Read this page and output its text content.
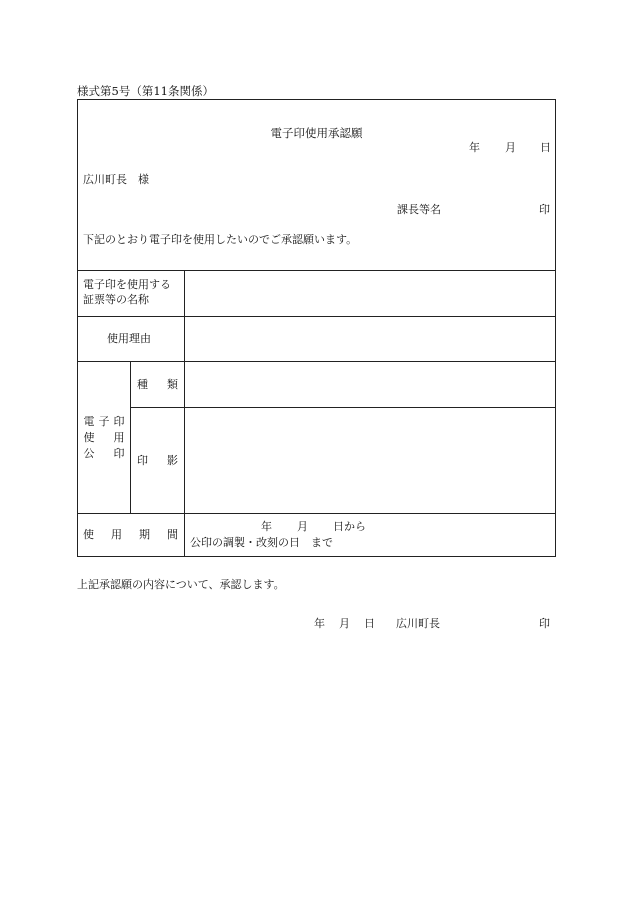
様式第5号（第11条関係）
電子印使用承認願
年 月 日
広川町長　様
課長等名	印
下記のとおり電子印を使用したいのでご承認願います。
電子印を使用する
証票等の名称
使用理由
電
使
公
子 印
用
印
種 類
印 影
使 用 期 間
年 月 日から
公印の調製・改刻の日　まで
上記承認願の内容について、承認します。
年 月 日 広川町長	印
